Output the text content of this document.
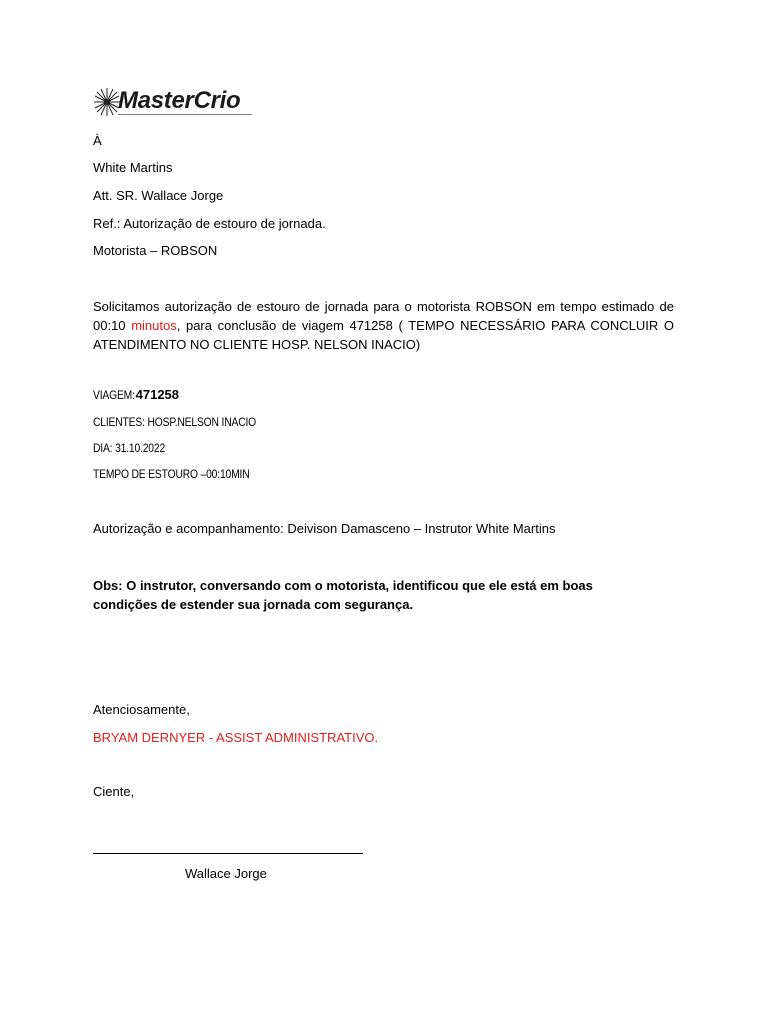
MasterCrio
À
White Martins
Att. SR. Wallace Jorge
Ref.: Autorização de estouro de jornada.
Motorista – ROBSON
Solicitamos autorização de estouro de jornada para o motorista ROBSON em tempo estimado de 00:10 minutos, para conclusão de viagem 471258 ( TEMPO NECESSÁRIO PARA CONCLUIR O ATENDIMENTO NO CLIENTE HOSP. NELSON INACIO)
VIAGEM:471258
CLIENTES: HOSP.NELSON INACIO
DIA: 31.10.2022
TEMPO DE ESTOURO –00:10MIN
Autorização e acompanhamento: Deivison Damasceno – Instrutor White Martins
Obs: O instrutor, conversando com o motorista, identificou que ele está em boas condições de estender sua jornada com segurança.
Atenciosamente,
BRYAM DERNYER - ASSIST ADMINISTRATIVO.
Ciente,
Wallace Jorge
